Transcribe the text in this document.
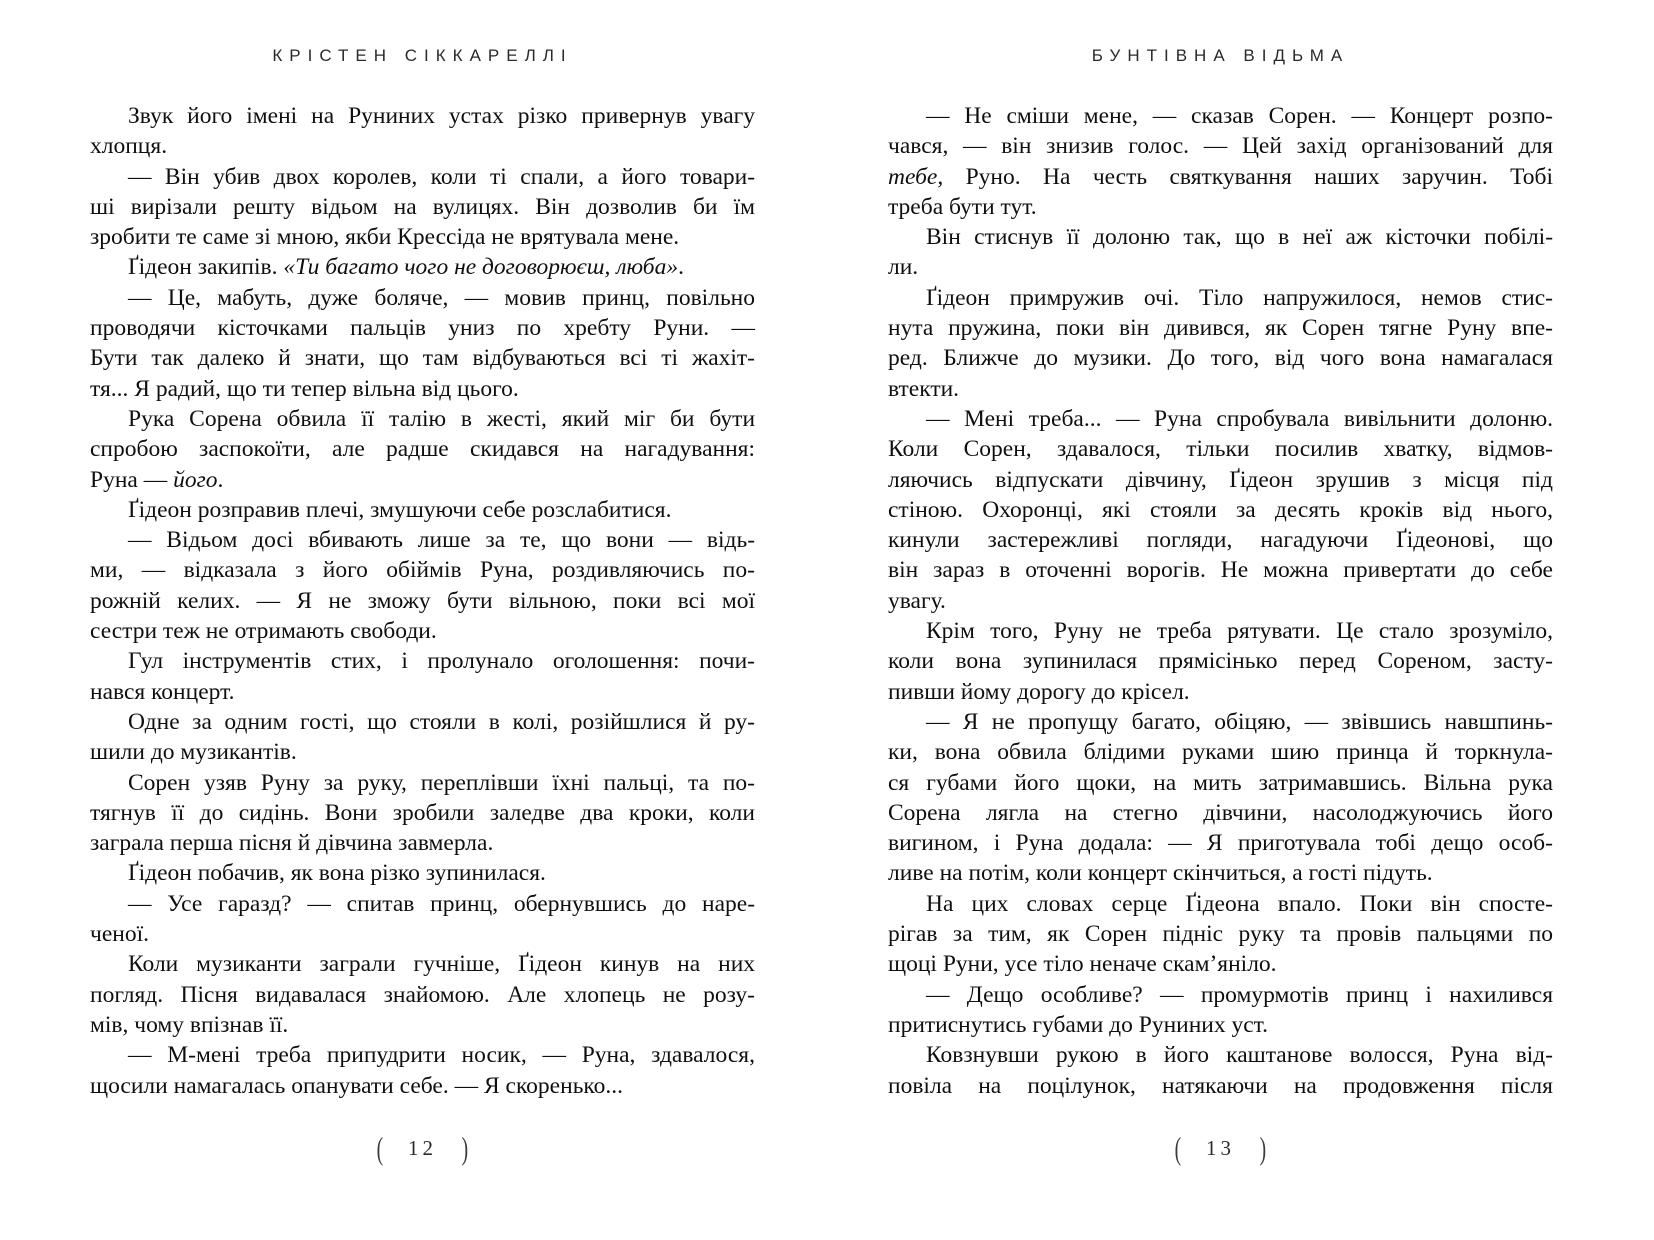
КРІСТЕН СІККАРЕЛЛІ
Звук його імені на Руниних устах різко привернув увагу
хлопця.
— Він убив двох королев, коли ті спали, а його товари-
ші вирізали решту відьом на вулицях. Він дозволив би їм
зробити те саме зі мною, якби Крессіда не врятувала мене.
Ґідеон закипів. «Ти багато чого не договорюєш, люба».
— Це, мабуть, дуже боляче, — мовив принц, повільно
проводячи кісточками пальців униз по хребту Руни. —
Бути так далеко й знати, що там відбуваються всі ті жахіт-
тя... Я радий, що ти тепер вільна від цього.
Рука Сорена обвила її талію в жесті, який міг би бути
спробою заспокоїти, але радше скидався на нагадування:
Руна — його.
Ґідеон розправив плечі, змушуючи себе розслабитися.
— Відьом досі вбивають лише за те, що вони — відь-
ми, — відказала з його обіймів Руна, роздивляючись по-
рожній келих. — Я не зможу бути вільною, поки всі мої
сестри теж не отримають свободи.
Гул інструментів стих, і пролунало оголошення: почи-
нався концерт.
Одне за одним гості, що стояли в колі, розійшлися й ру-
шили до музикантів.
Сорен узяв Руну за руку, переплівши їхні пальці, та по-
тягнув її до сидінь. Вони зробили заледве два кроки, коли
заграла перша пісня й дівчина завмерла.
Ґідеон побачив, як вона різко зупинилася.
— Усе гаразд? — спитав принц, обернувшись до наре-
ченої.
Коли музиканти заграли гучніше, Ґідеон кинув на них
погляд. Пісня видавалася знайомою. Але хлопець не розу-
мів, чому впізнав її.
— М-мені треба припудрити носик, — Руна, здавалося,
щосили намагалась опанувати себе. — Я скоренько...
( 12 )
БУНТІВНА ВІДЬМА
— Не сміши мене, — сказав Сорен. — Концерт розпо-
чався, — він знизив голос. — Цей захід організований для
тебе, Руно. На честь святкування наших заручин. Тобі
треба бути тут.
Він стиснув її долоню так, що в неї аж кісточки побілі-
ли.
Ґідеон примружив очі. Тіло напружилося, немов стис-
нута пружина, поки він дивився, як Сорен тягне Руну впе-
ред. Ближче до музики. До того, від чого вона намагалася
втекти.
— Мені треба... — Руна спробувала вивільнити долоню.
Коли Сорен, здавалося, тільки посилив хватку, відмов-
ляючись відпускати дівчину, Ґідеон зрушив з місця під
стіною. Охоронці, які стояли за десять кроків від нього,
кинули застережливі погляди, нагадуючи Ґідеонові, що
він зараз в оточенні ворогів. Не можна привертати до себе
увагу.
Крім того, Руну не треба рятувати. Це стало зрозуміло,
коли вона зупинилася прямісінько перед Сореном, засту-
пивши йому дорогу до крісел.
— Я не пропущу багато, обіцяю, — звівшись навшпинь-
ки, вона обвила блідими руками шию принца й торкнула-
ся губами його щоки, на мить затримавшись. Вільна рука
Сорена лягла на стегно дівчини, насолоджуючись його
вигином, і Руна додала: — Я приготувала тобі дещо особ-
ливе на потім, коли концерт скінчиться, а гості підуть.
На цих словах серце Ґідеона впало. Поки він спосте-
рігав за тим, як Сорен підніс руку та провів пальцями по
щоці Руни, усе тіло неначе скам’яніло.
— Дещо особливе? — промурмотів принц і нахилився
притиснутись губами до Руниних уст.
Ковзнувши рукою в його каштанове волосся, Руна від-
повіла на поцілунок, натякаючи на продовження після
( 13 )
